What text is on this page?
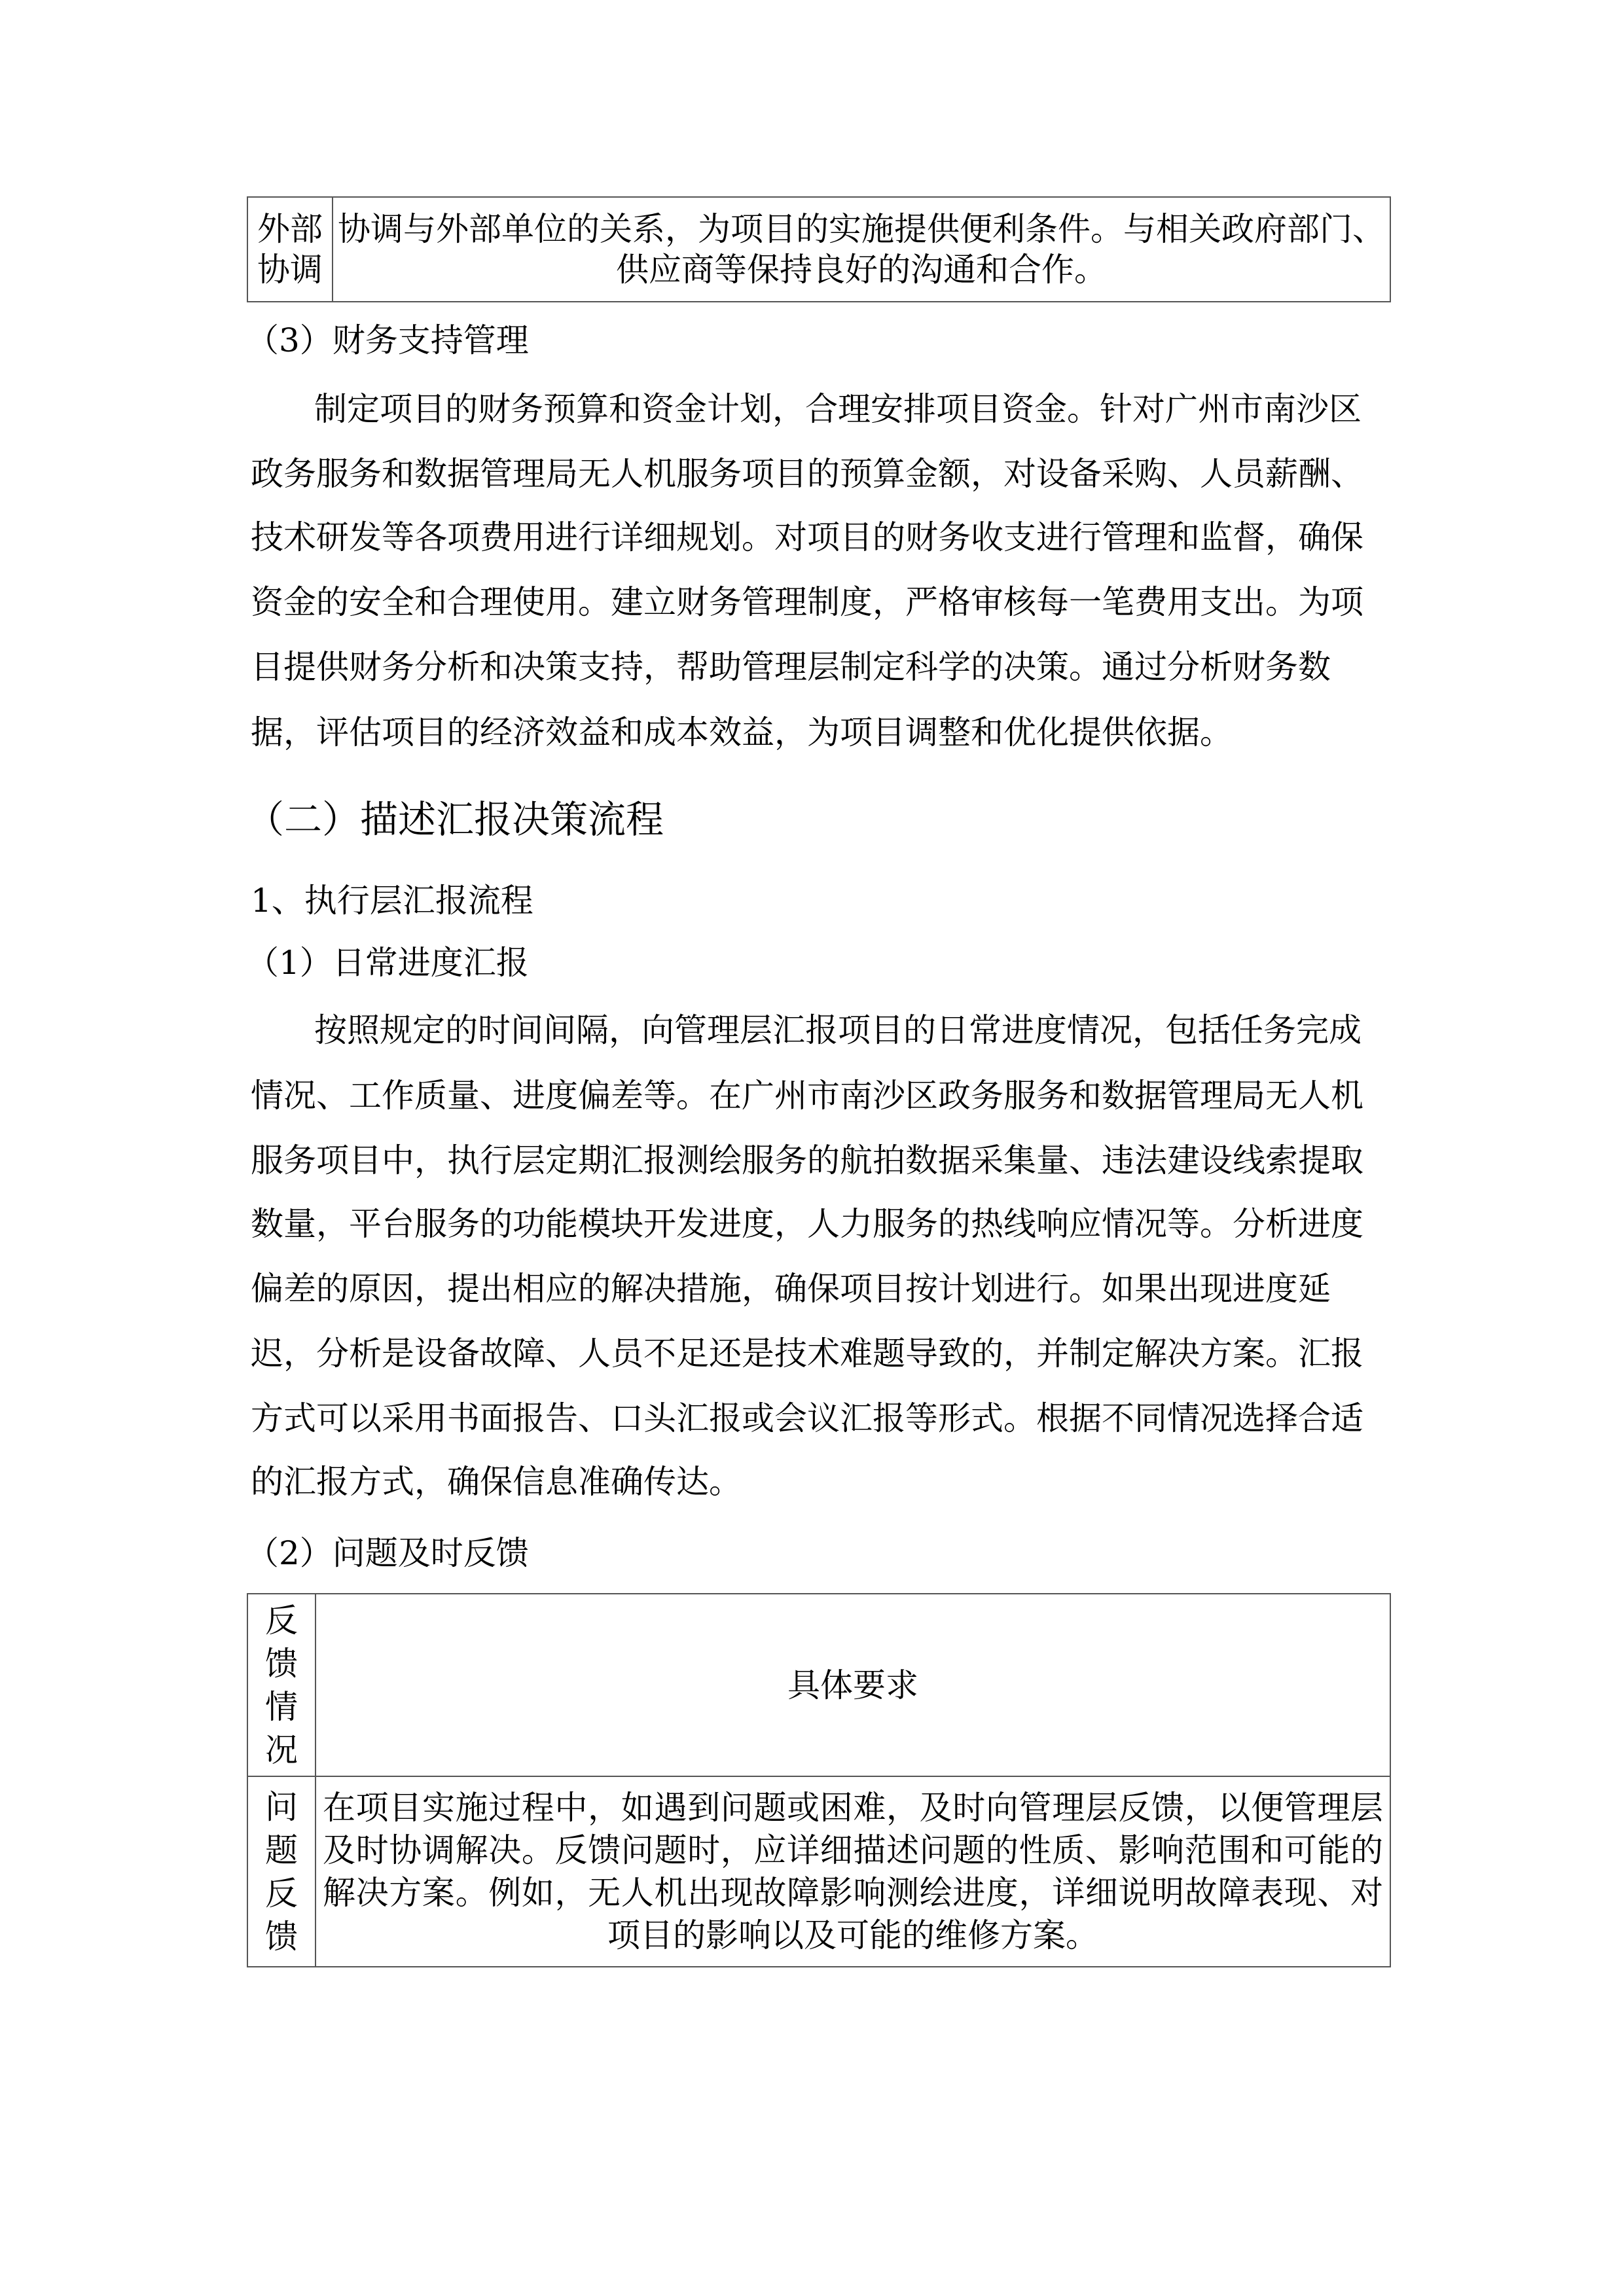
外部协调	协调与外部单位的关系，为项目的实施提供便利条件。与相关政府部门、供应商等保持良好的沟通和合作。
（3）财务支持管理
制定项目的财务预算和资金计划，合理安排项目资金。针对广州市南沙区
政务服务和数据管理局无人机服务项目的预算金额，对设备采购、人员薪酬、
技术研发等各项费用进行详细规划。对项目的财务收支进行管理和监督，确保
资金的安全和合理使用。建立财务管理制度，严格审核每一笔费用支出。为项
目提供财务分析和决策支持，帮助管理层制定科学的决策。通过分析财务数
据，评估项目的经济效益和成本效益，为项目调整和优化提供依据。
（二）描述汇报决策流程
1、执行层汇报流程
（1）日常进度汇报
按照规定的时间间隔，向管理层汇报项目的日常进度情况，包括任务完成
情况、工作质量、进度偏差等。在广州市南沙区政务服务和数据管理局无人机
服务项目中，执行层定期汇报测绘服务的航拍数据采集量、违法建设线索提取
数量，平台服务的功能模块开发进度，人力服务的热线响应情况等。分析进度
偏差的原因，提出相应的解决措施，确保项目按计划进行。如果出现进度延
迟，分析是设备故障、人员不足还是技术难题导致的，并制定解决方案。汇报
方式可以采用书面报告、口头汇报或会议汇报等形式。根据不同情况选择合适
的汇报方式，确保信息准确传达。
（2）问题及时反馈
反馈情况	具体要求
问题反馈	在项目实施过程中，如遇到问题或困难，及时向管理层反馈，以便管理层及时协调解决。反馈问题时，应详细描述问题的性质、影响范围和可能的解决方案。例如，无人机出现故障影响测绘进度，详细说明故障表现、对项目的影响以及可能的维修方案。
